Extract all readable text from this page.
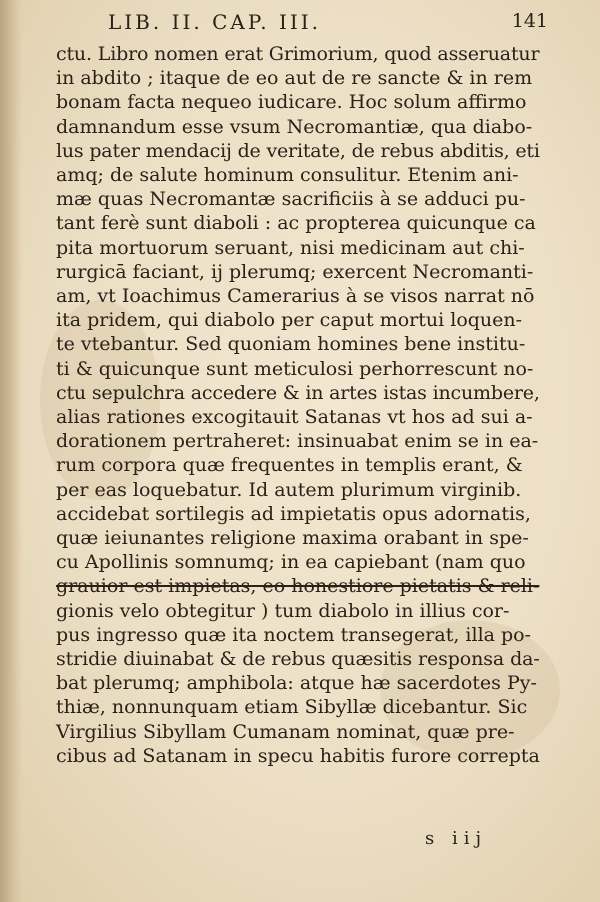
LIB. II. CAP. III.	141
ctu. Libro nomen erat Grimorium, quod asseruatur
in abdito ; itaque de eo aut de re sancte & in rem
bonam facta nequeo iudicare. Hoc solum affirmo
damnandum esse vsum Necromantiæ, qua diabo-
lus pater mendacij de veritate, de rebus abditis, eti
amq; de salute hominum consulitur. Etenim ani-
mæ quas Necromantæ sacrificiis à se adduci pu-
tant ferè sunt diaboli : ac propterea quicunque ca
pita mortuorum seruant, nisi medicinam aut chi-
rurgicā faciant, ij plerumq; exercent Necromanti-
am, vt Ioachimus Camerarius à se visos narrat nō
ita pridem, qui diabolo per caput mortui loquen-
te vtebantur. Sed quoniam homines bene institu-
ti & quicunque sunt meticulosi perhorrescunt no-
ctu sepulchra accedere & in artes istas incumbere,
alias rationes excogitauit Satanas vt hos ad sui a-
dorationem pertraheret: insinuabat enim se in ea-
rum corpora quæ frequentes in templis erant, &
per eas loquebatur. Id autem plurimum virginib.
accidebat sortilegis ad impietatis opus adornatis,
quæ ieiunantes religione maxima orabant in spe-
cu Apollinis somnumq; in ea capiebant (nam quo
grauior est impietas, eo honestiore pietatis & reli-
gionis velo obtegitur ) tum diabolo in illius cor-
pus ingresso quæ ita noctem transegerat, illa po-
stridie diuinabat & de rebus quæsitis responsa da-
bat plerumq; amphibola: atque hæ sacerdotes Py-
thiæ, nonnunquam etiam Sibyllæ dicebantur. Sic
Virgilius Sibyllam Cumanam nominat, quæ pre-
cibus ad Satanam in specu habitis furore correpta
s iij
